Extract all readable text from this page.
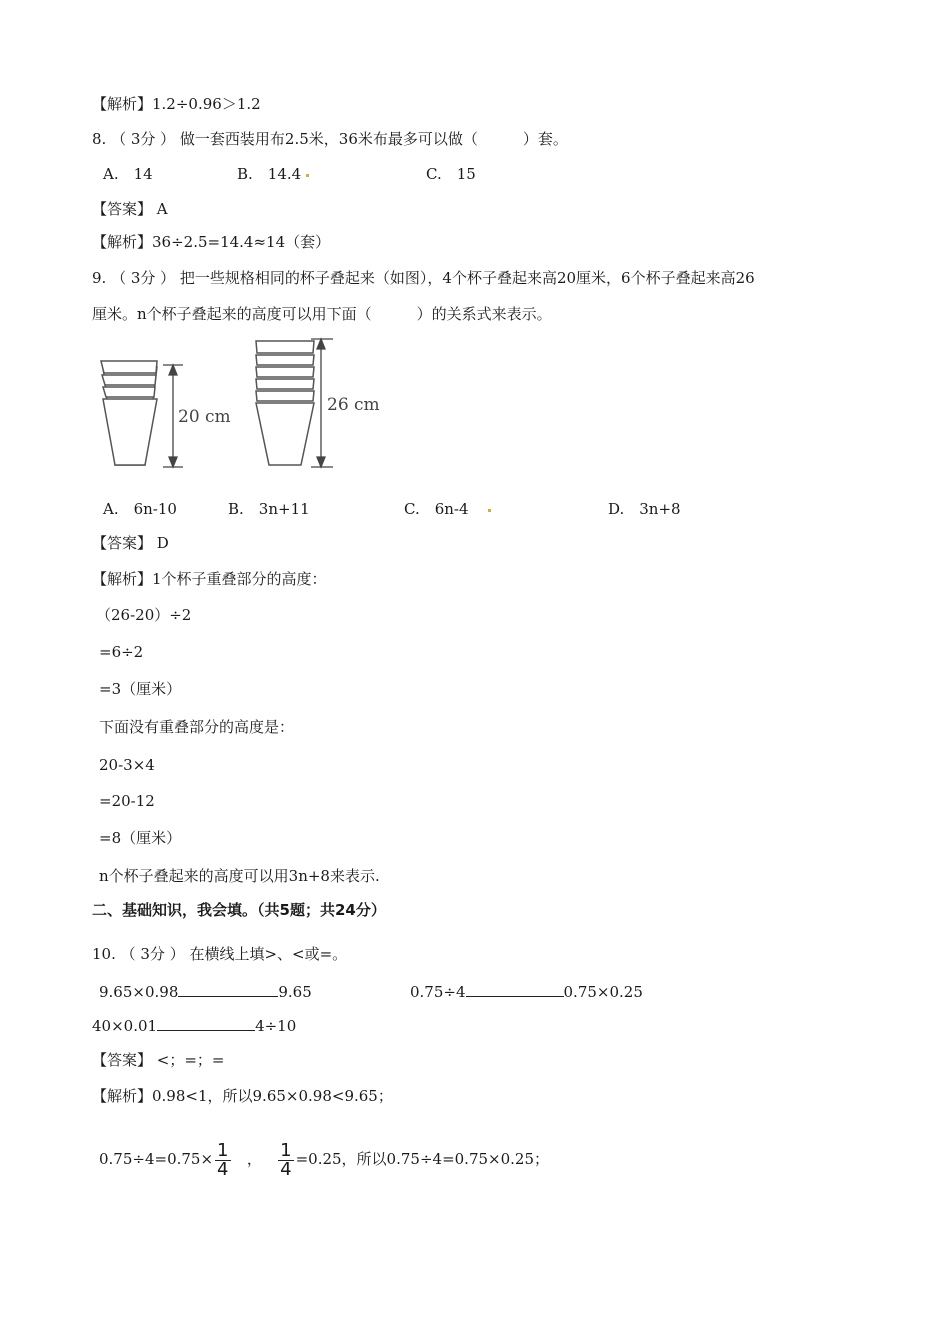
【解析】1.2÷0.96＞1.2
8. （ 3分 ） 做一套西装用布2.5米，36米布最多可以做（　　　）套。
A.　14	B.　14.4	C.　15
【答案】 A
【解析】36÷2.5=14.4≈14（套）
9. （ 3分 ） 把一些规格相同的杯子叠起来（如图），4个杯子叠起来高20厘米，6个杯子叠起来高26
厘米。n个杯子叠起来的高度可以用下面（　　　）的关系式来表示。
20 cm
26 cm
A.　6n-10	B.　3n+11	C.　6n-4	D.　3n+8
【答案】 D
【解析】1个杯子重叠部分的高度：
（26-20）÷2
=6÷2
=3（厘米）
下面没有重叠部分的高度是：
20-3×4
=20-12
=8（厘米）
n个杯子叠起来的高度可以用3n+8来表示.
二、基础知识，我会填。（共5题；共24分）
10. （ 3分 ） 在横线上填>、<或=。
9.65×0.98	9.65	0.75÷4	0.75×0.25
40×0.01	4÷10
【答案】 <；=；=
【解析】0.98<1，所以9.65×0.98<9.65；
$0.75\div 4=0.75\times \frac{1}{4}$ ， $\frac{1}{4} =0.25$，所以0.75÷4=0.75×0.25；
